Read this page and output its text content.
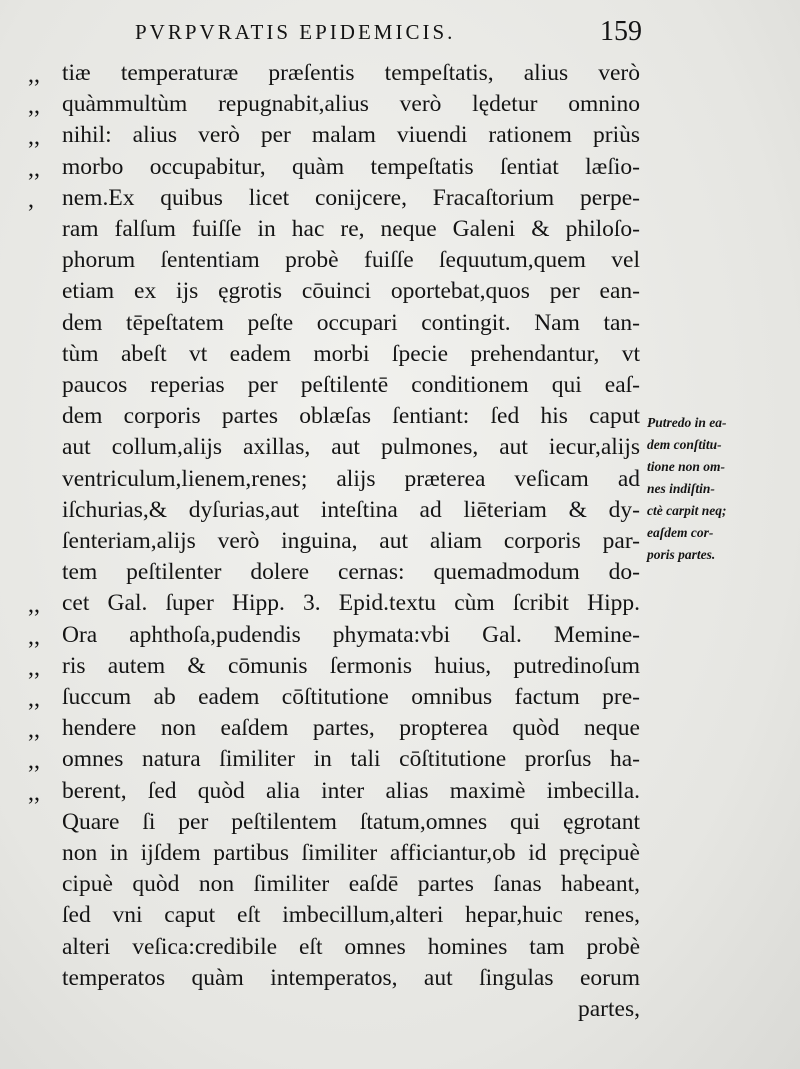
PVRPVRATIS EPIDEMICIS.	159
,, tiæ temperaturæ præſentis tempeſtatis, alius verò
,, quàmmultùm repugnabit,alius verò lędetur omnino
,, nihil: alius verò per malam viuendi rationem priùs
,, morbo occupabitur, quàm tempeſtatis ſentiat læſio-
,	nem.Ex quibus licet conijcere, Fracaſtorium perpe-
ram falſum fuiſſe in hac re, neque Galeni & philoſo-
phorum ſententiam probè fuiſſe ſequutum,quem vel
etiam ex ijs ęgrotis cōuinci oportebat,quos per ean-
dem tēpeſtatem peſte occupari contingit. Nam tan-
tùm abeſt vt eadem morbi ſpecie prehendantur, vt
paucos reperias per peſtilentē conditionem qui eaſ-
dem corporis partes oblæſas ſentiant: ſed his caput
aut collum,alijs axillas, aut pulmones, aut iecur,alijs
ventriculum,lienem,renes; alijs præterea veſicam ad
iſchurias,& dyſurias,aut inteſtina ad liēteriam & dy-
ſenteriam,alijs verò inguina, aut aliam corporis par-
tem peſtilenter dolere cernas: quemadmodum do-
,, cet Gal. ſuper Hipp. 3. Epid.textu cùm ſcribit Hipp.
,, Ora aphthoſa,pudendis phymata:vbi Gal. Memine-
,, ris autem & cōmunis ſermonis huius, putredinoſum
,, ſuccum ab eadem cōſtitutione omnibus factum pre-
,, hendere non eaſdem partes, propterea quòd neque
,, omnes natura ſimiliter in tali cōſtitutione prorſus ha-
,, berent, ſed quòd alia inter alias maximè imbecilla.
Quare ſi per peſtilentem ſtatum,omnes qui ęgrotant
non in ijſdem partibus ſimiliter afficiantur,ob id pręcipuè
cipuè quòd non ſimiliter eaſdē partes ſanas habeant,
ſed vni caput eſt imbecillum,alteri hepar,huic renes,
alteri veſica:credibile eſt omnes homines tam probè
temperatos quàm intemperatos, aut ſingulas eorum
partes,
Putredo in ea-
dem conſtitu-
tione non om-
nes indiſtin-
ctè carpit neq;
eaſdem cor-
poris partes.
